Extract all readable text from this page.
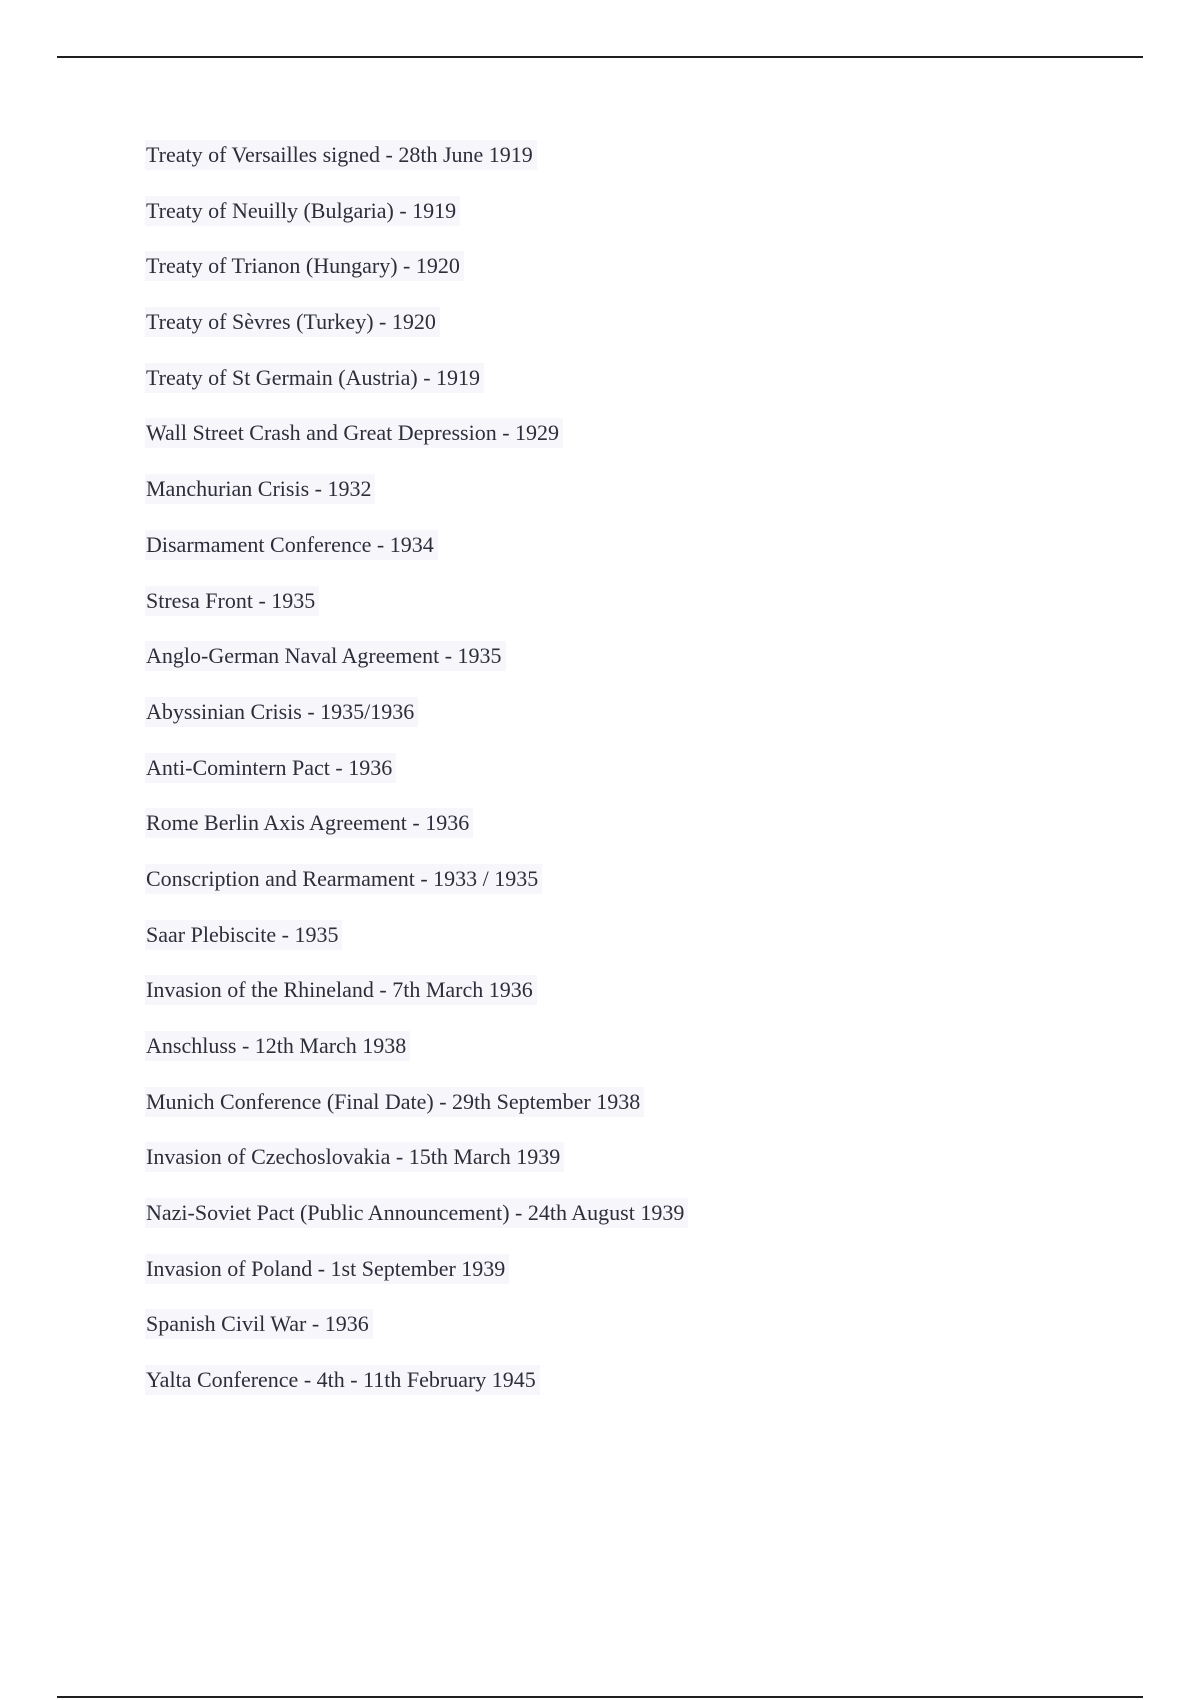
Treaty of Versailles signed - 28th June 1919
Treaty of Neuilly (Bulgaria) - 1919
Treaty of Trianon (Hungary) - 1920
Treaty of Sèvres (Turkey) - 1920
Treaty of St Germain (Austria) - 1919
Wall Street Crash and Great Depression - 1929
Manchurian Crisis - 1932
Disarmament Conference - 1934
Stresa Front - 1935
Anglo-German Naval Agreement - 1935
Abyssinian Crisis - 1935/1936
Anti-Comintern Pact - 1936
Rome Berlin Axis Agreement - 1936
Conscription and Rearmament - 1933 / 1935
Saar Plebiscite - 1935
Invasion of the Rhineland - 7th March 1936
Anschluss - 12th March 1938
Munich Conference (Final Date) - 29th September 1938
Invasion of Czechoslovakia - 15th March 1939
Nazi-Soviet Pact (Public Announcement) - 24th August 1939
Invasion of Poland - 1st September 1939
Spanish Civil War - 1936
Yalta Conference - 4th - 11th February 1945
